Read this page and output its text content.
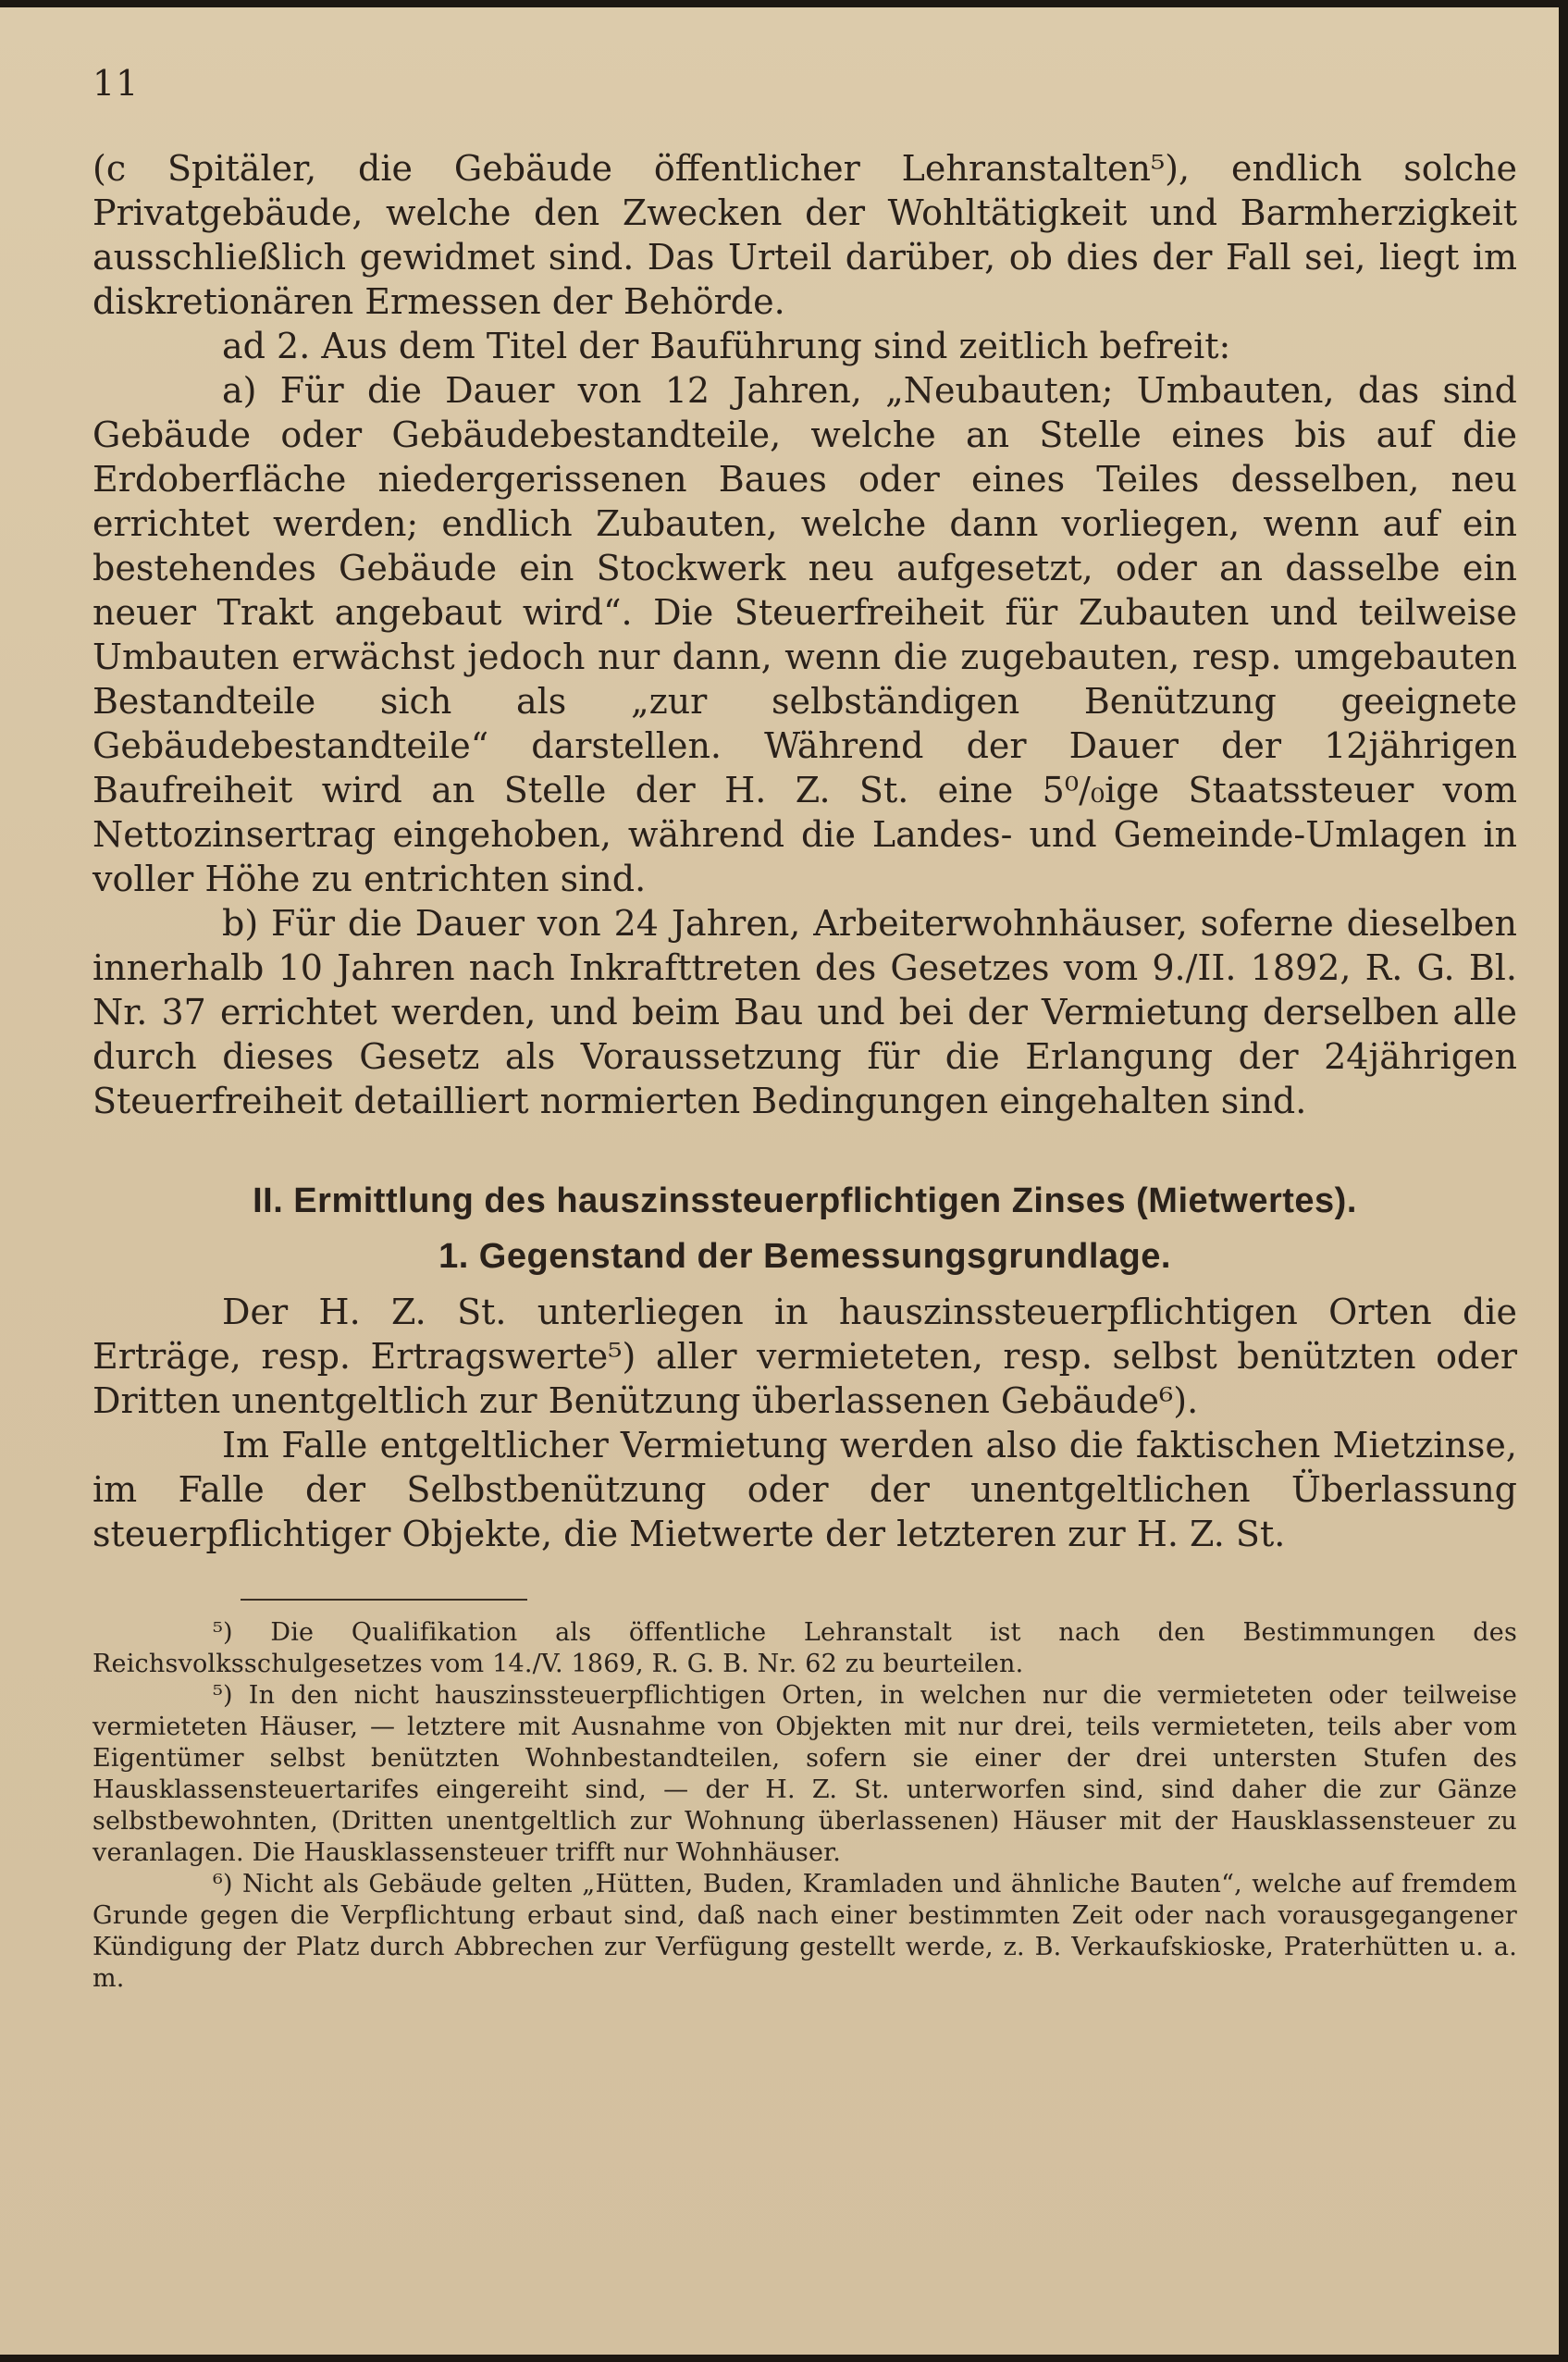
11

(c Spitäler, die Gebäude öffentlicher Lehranstalten⁵), endlich solche Privatgebäude, welche den Zwecken der Wohltätigkeit und Barmherzigkeit ausschließlich gewidmet sind. Das Urteil darüber, ob dies der Fall sei, liegt im diskretionären Ermessen der Behörde.

ad 2. Aus dem Titel der Bauführung sind zeitlich befreit:

a) Für die Dauer von 12 Jahren, „Neubauten; Umbauten, das sind Gebäude oder Gebäudebestandteile, welche an Stelle eines bis auf die Erdoberfläche niedergerissenen Baues oder eines Teiles desselben, neu errichtet werden; endlich Zubauten, welche dann vorliegen, wenn auf ein bestehendes Gebäude ein Stockwerk neu aufgesetzt, oder an dasselbe ein neuer Trakt angebaut wird“. Die Steuerfreiheit für Zubauten und teilweise Umbauten erwächst jedoch nur dann, wenn die zugebauten, resp. umgebauten Bestandteile sich als „zur selbständigen Benützung geeignete Gebäudebestandteile“ darstellen. Während der Dauer der 12jährigen Baufreiheit wird an Stelle der H. Z. St. eine 5⁰/₀ige Staatssteuer vom Nettozinsertrag eingehoben, während die Landes- und Gemeinde-Umlagen in voller Höhe zu entrichten sind.

b) Für die Dauer von 24 Jahren, Arbeiterwohnhäuser, soferne dieselben innerhalb 10 Jahren nach Inkrafttreten des Gesetzes vom 9./II. 1892, R. G. Bl. Nr. 37 errichtet werden, und beim Bau und bei der Vermietung derselben alle durch dieses Gesetz als Voraussetzung für die Erlangung der 24jährigen Steuerfreiheit detailliert normierten Bedingungen eingehalten sind.

II. Ermittlung des hauszinssteuerpflichtigen Zinses (Mietwertes).
1. Gegenstand der Bemessungsgrundlage.

Der H. Z. St. unterliegen in hauszinssteuerpflichtigen Orten die Erträge, resp. Ertragswerte⁵) aller vermieteten, resp. selbst benützten oder Dritten unentgeltlich zur Benützung überlassenen Gebäude⁶).

Im Falle entgeltlicher Vermietung werden also die faktischen Mietzinse, im Falle der Selbstbenützung oder der unentgeltlichen Überlassung steuerpflichtiger Objekte, die Mietwerte der letzteren zur H. Z. St.

⁵) Die Qualifikation als öffentliche Lehranstalt ist nach den Bestimmungen des Reichsvolksschulgesetzes vom 14./V. 1869, R. G. B. Nr. 62 zu beurteilen.

⁵) In den nicht hauszinssteuerpflichtigen Orten, in welchen nur die vermieteten oder teilweise vermieteten Häuser, — letztere mit Ausnahme von Objekten mit nur drei, teils vermieteten, teils aber vom Eigentümer selbst benützten Wohnbestandteilen, sofern sie einer der drei untersten Stufen des Hausklassensteuertarifes eingereiht sind, — der H. Z. St. unterworfen sind, sind daher die zur Gänze selbstbewohnten, (Dritten unentgeltlich zur Wohnung überlassenen) Häuser mit der Hausklassensteuer zu veranlagen. Die Hausklassensteuer trifft nur Wohnhäuser.

⁶) Nicht als Gebäude gelten „Hütten, Buden, Kramladen und ähnliche Bauten“, welche auf fremdem Grunde gegen die Verpflichtung erbaut sind, daß nach einer bestimmten Zeit oder nach vorausgegangener Kündigung der Platz durch Abbrechen zur Verfügung gestellt werde, z. B. Verkaufskioske, Praterhütten u. a. m.
